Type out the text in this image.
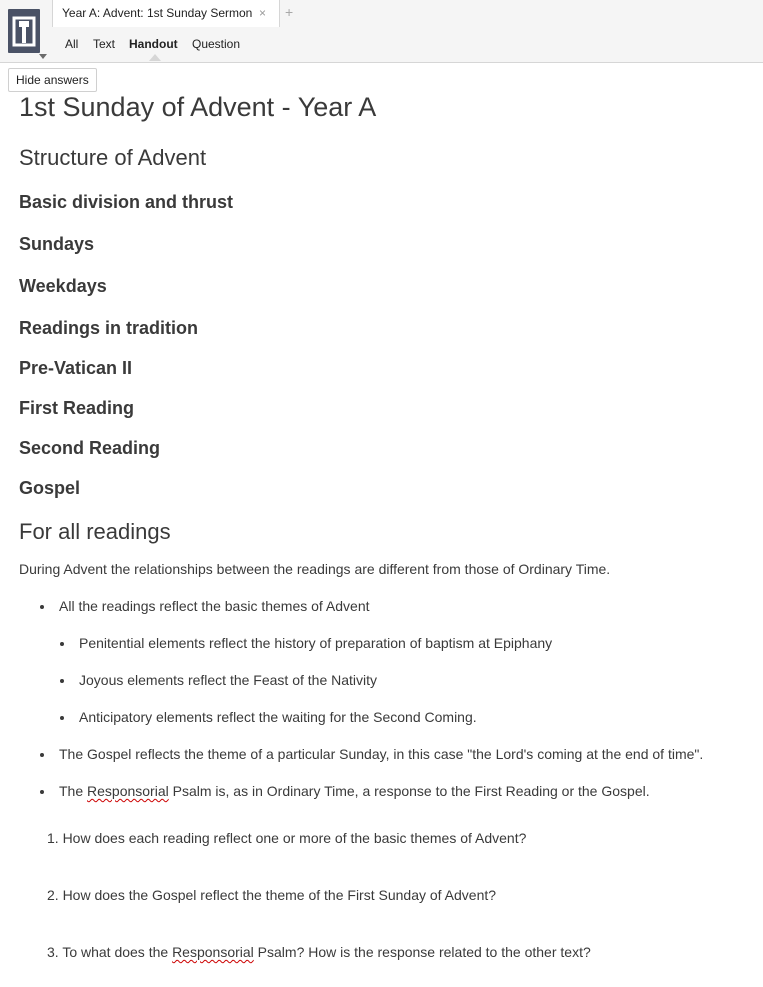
Year A: Advent: 1st Sunday Sermon × +
All Text Handout Question
Hide answers
1st Sunday of Advent - Year A
Structure of Advent
Basic division and thrust
Sundays
Weekdays
Readings in tradition
Pre-Vatican II
First Reading
Second Reading
Gospel
For all readings
During Advent the relationships between the readings are different from those of Ordinary Time.
All the readings reflect the basic themes of Advent
Penitential elements reflect the history of preparation of baptism at Epiphany
Joyous elements reflect the Feast of the Nativity
Anticipatory elements reflect the waiting for the Second Coming.
The Gospel reflects the theme of a particular Sunday, in this case "the Lord's coming at the end of time".
The Responsorial Psalm is, as in Ordinary Time, a response to the First Reading or the Gospel.
1. How does each reading reflect one or more of the basic themes of Advent?
2. How does the Gospel reflect the theme of the First Sunday of Advent?
3. To what does the Responsorial Psalm? How is the response related to the other text?
